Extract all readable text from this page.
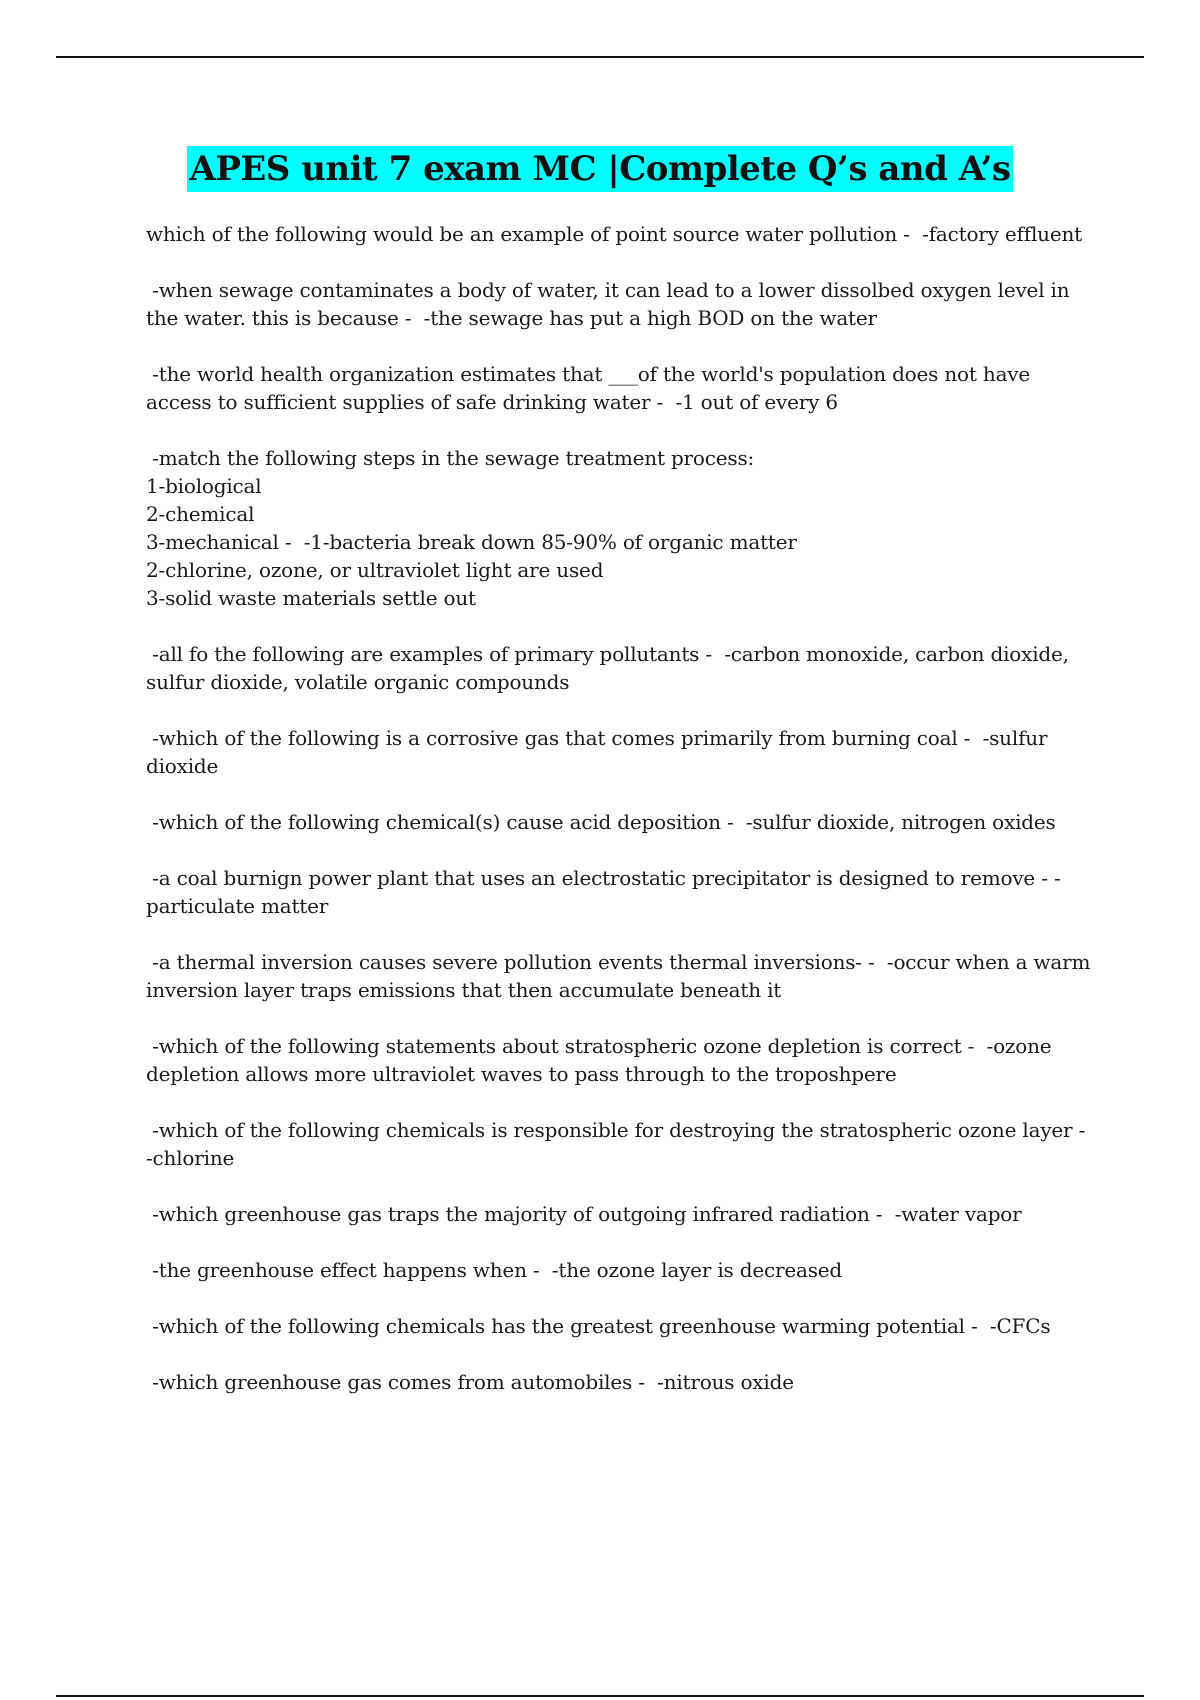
APES unit 7 exam MC |Complete Q’s and A’s
which of the following would be an example of point source water pollution -  -factory effluent
-when sewage contaminates a body of water, it can lead to a lower dissolbed oxygen level in the water. this is because -  -the sewage has put a high BOD on the water
-the world health organization estimates that ___of the world's population does not have access to sufficient supplies of safe drinking water -  -1 out of every 6
-match the following steps in the sewage treatment process:
1-biological
2-chemical
3-mechanical -  -1-bacteria break down 85-90% of organic matter
2-chlorine, ozone, or ultraviolet light are used
3-solid waste materials settle out
-all fo the following are examples of primary pollutants -  -carbon monoxide, carbon dioxide, sulfur dioxide, volatile organic compounds
-which of the following is a corrosive gas that comes primarily from burning coal -  -sulfur dioxide
-which of the following chemical(s) cause acid deposition -  -sulfur dioxide, nitrogen oxides
-a coal burnign power plant that uses an electrostatic precipitator is designed to remove - -particulate matter
-a thermal inversion causes severe pollution events thermal inversions- -  -occur when a warm inversion layer traps emissions that then accumulate beneath it
-which of the following statements about stratospheric ozone depletion is correct -  -ozone depletion allows more ultraviolet waves to pass through to the troposhpere
-which of the following chemicals is responsible for destroying the stratospheric ozone layer -  -chlorine
-which greenhouse gas traps the majority of outgoing infrared radiation -  -water vapor
-the greenhouse effect happens when -  -the ozone layer is decreased
-which of the following chemicals has the greatest greenhouse warming potential -  -CFCs
-which greenhouse gas comes from automobiles -  -nitrous oxide
